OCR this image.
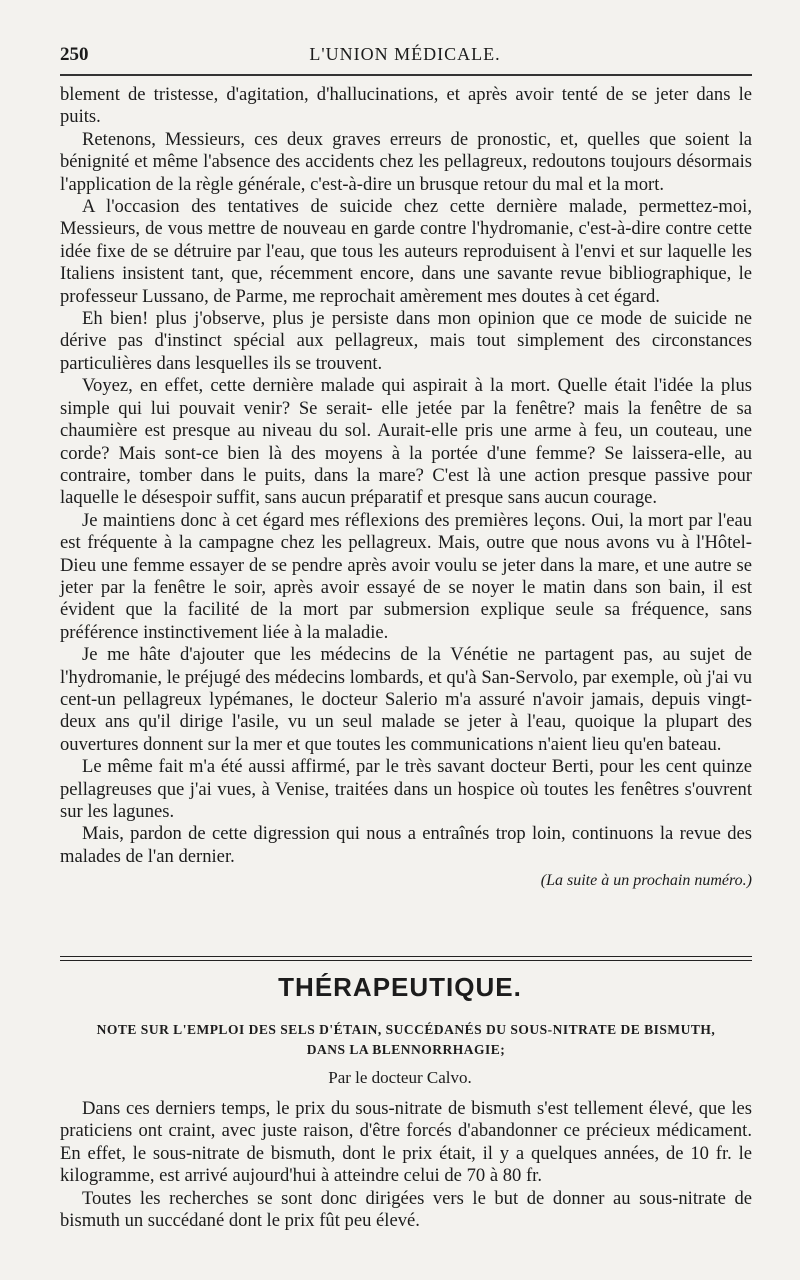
250	L'UNION MÉDICALE.

blement de tristesse, d'agitation, d'hallucinations, et après avoir tenté de se jeter dans le puits.

Retenons, Messieurs, ces deux graves erreurs de pronostic, et, quelles que soient la bénignité et même l'absence des accidents chez les pellagreux, redoutons toujours désormais l'application de la règle générale, c'est-à-dire un brusque retour du mal et la mort.

A l'occasion des tentatives de suicide chez cette dernière malade, permettez-moi, Messieurs, de vous mettre de nouveau en garde contre l'hydromanie, c'est-à-dire contre cette idée fixe de se détruire par l'eau, que tous les auteurs reproduisent à l'envi et sur laquelle les Italiens insistent tant, que, récemment encore, dans une savante revue bibliographique, le professeur Lussano, de Parme, me reprochait amèrement mes doutes à cet égard.

Eh bien! plus j'observe, plus je persiste dans mon opinion que ce mode de suicide ne dérive pas d'instinct spécial aux pellagreux, mais tout simplement des circonstances particulières dans lesquelles ils se trouvent.

Voyez, en effet, cette dernière malade qui aspirait à la mort. Quelle était l'idée la plus simple qui lui pouvait venir? Se serait- elle jetée par la fenêtre? mais la fenêtre de sa chaumière est presque au niveau du sol. Aurait-elle pris une arme à feu, un couteau, une corde? Mais sont-ce bien là des moyens à la portée d'une femme? Se laissera-elle, au contraire, tomber dans le puits, dans la mare? C'est là une action presque passive pour laquelle le désespoir suffit, sans aucun préparatif et presque sans aucun courage.

Je maintiens donc à cet égard mes réflexions des premières leçons. Oui, la mort par l'eau est fréquente à la campagne chez les pellagreux. Mais, outre que nous avons vu à l'Hôtel-Dieu une femme essayer de se pendre après avoir voulu se jeter dans la mare, et une autre se jeter par la fenêtre le soir, après avoir essayé de se noyer le matin dans son bain, il est évident que la facilité de la mort par submersion explique seule sa fréquence, sans préférence instinctivement liée à la maladie.

Je me hâte d'ajouter que les médecins de la Vénétie ne partagent pas, au sujet de l'hydromanie, le préjugé des médecins lombards, et qu'à San-Servolo, par exemple, où j'ai vu cent-un pellagreux lypémanes, le docteur Salerio m'a assuré n'avoir jamais, depuis vingt-deux ans qu'il dirige l'asile, vu un seul malade se jeter à l'eau, quoique la plupart des ouvertures donnent sur la mer et que toutes les communications n'aient lieu qu'en bateau.

Le même fait m'a été aussi affirmé, par le très savant docteur Berti, pour les cent quinze pellagreuses que j'ai vues, à Venise, traitées dans un hospice où toutes les fenêtres s'ouvrent sur les lagunes.

Mais, pardon de cette digression qui nous a entraînés trop loin, continuons la revue des malades de l'an dernier.

(La suite à un prochain numéro.)

THÉRAPEUTIQUE.
NOTE SUR L'EMPLOI DES SELS D'ÉTAIN, SUCCÉDANÉS DU SOUS-NITRATE DE BISMUTH,
DANS LA BLENNORRHAGIE;
Par le docteur Calvo.

Dans ces derniers temps, le prix du sous-nitrate de bismuth s'est tellement élevé, que les praticiens ont craint, avec juste raison, d'être forcés d'abandonner ce précieux médicament. En effet, le sous-nitrate de bismuth, dont le prix était, il y a quelques années, de 10 fr. le kilogramme, est arrivé aujourd'hui à atteindre celui de 70 à 80 fr.

Toutes les recherches se sont donc dirigées vers le but de donner au sous-nitrate de bismuth un succédané dont le prix fût peu élevé.
